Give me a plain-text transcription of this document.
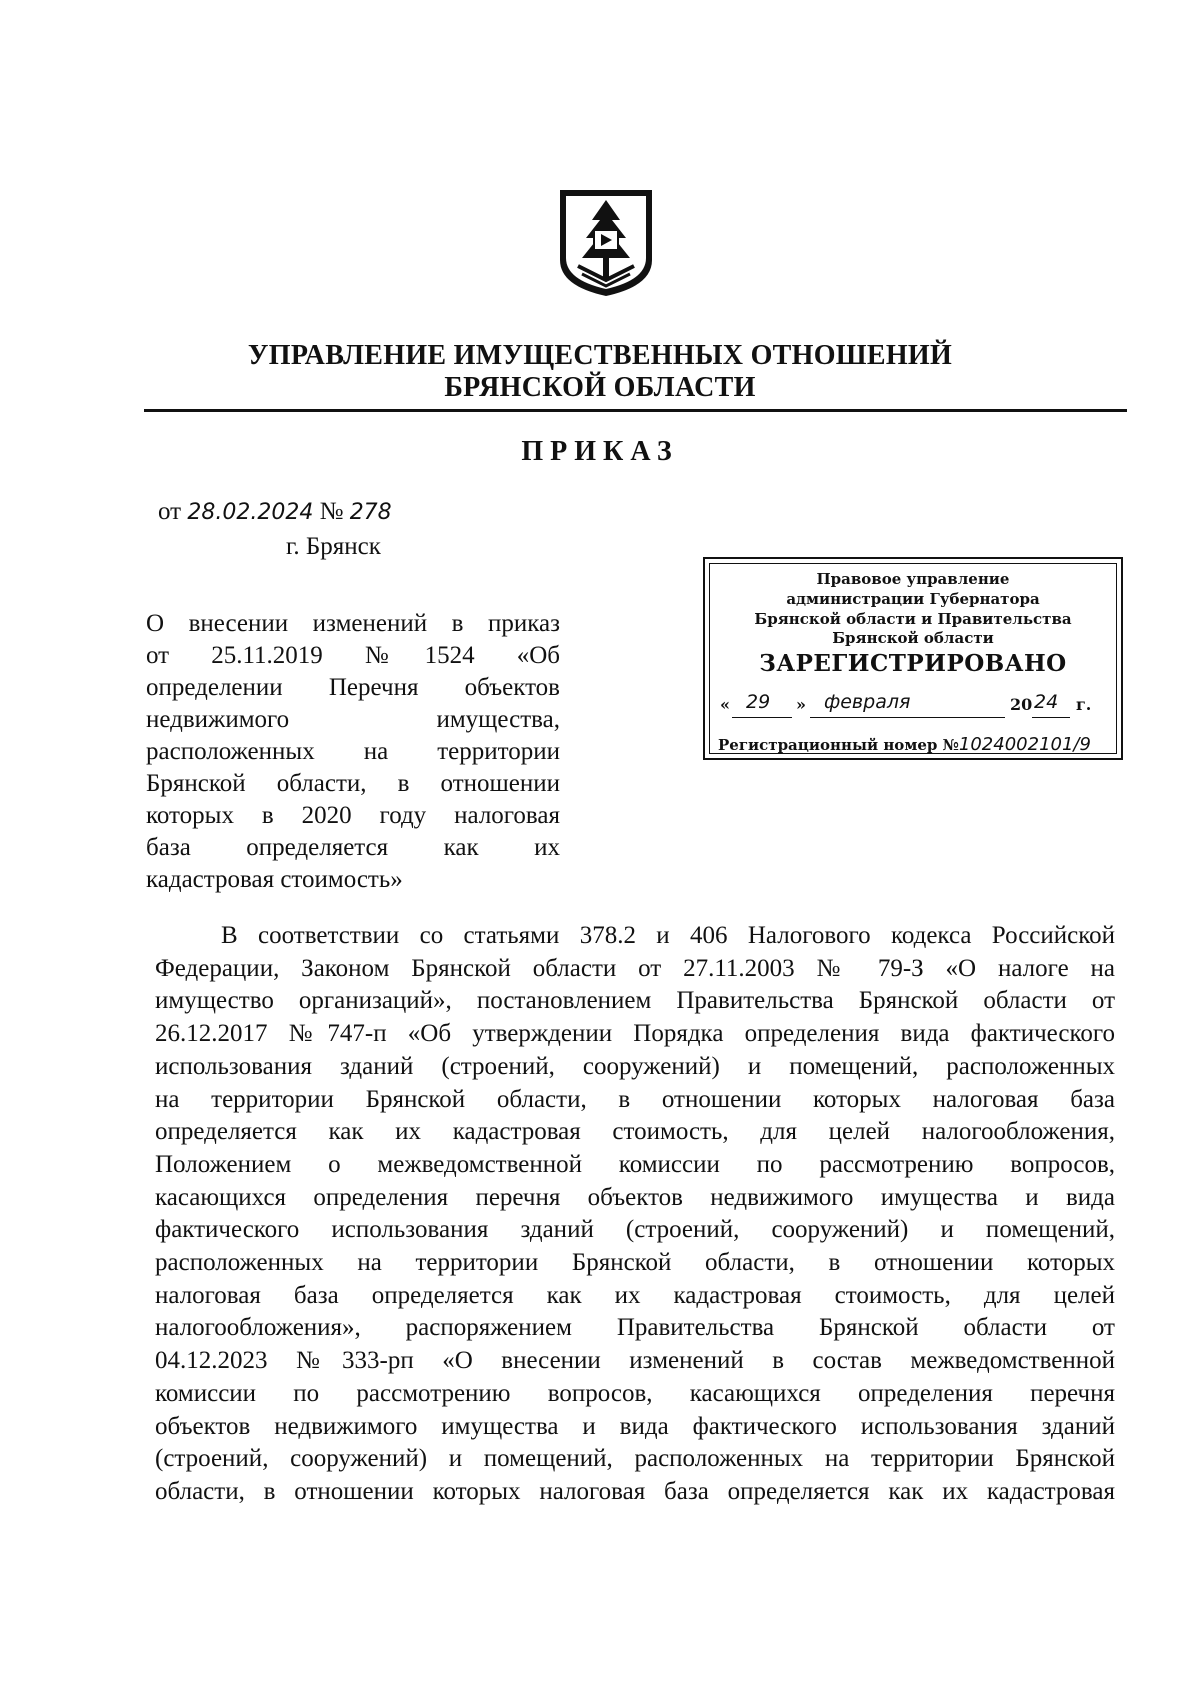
УПРАВЛЕНИЕ ИМУЩЕСТВЕННЫХ ОТНОШЕНИЙ
БРЯНСКОЙ ОБЛАСТИ
ПРИКАЗ
от 28.02.2024 № 278
г. Брянск
О внесении изменений в приказ
от 25.11.2019 №1524 «Об
определении Перечня объектов
недвижимого имущества,
расположенных на территории
Брянской области, в отношении
которых в 2020 году налоговая
база определяется как их
кадастровая стоимость»
Правовое управление
администрации Губернатора
Брянской области и Правительства
Брянской области
ЗАРЕГИСТРИРОВАНО
« 29 » февраля	20 24 г.
Регистрационный номер №1024002101/9
В соответствии со статьями 378.2 и 406 Налогового кодекса Российской
Федерации, Законом Брянской области от 27.11.2003 № 79-З «О налоге на
имущество организаций», постановлением Правительства Брянской области от
26.12.2017 №747-п «Об утверждении Порядка определения вида фактического
использования зданий (строений, сооружений) и помещений, расположенных
на территории Брянской области, в отношении которых налоговая база
определяется как их кадастровая стоимость, для целей налогообложения,
Положением о межведомственной комиссии по рассмотрению вопросов,
касающихся определения перечня объектов недвижимого имущества и вида
фактического использования зданий (строений, сооружений) и помещений,
расположенных на территории Брянской области, в отношении которых
налоговая база определяется как их кадастровая стоимость, для целей
налогообложения», распоряжением Правительства Брянской области от
04.12.2023 №333-рп «О внесении изменений в состав межведомственной
комиссии по рассмотрению вопросов, касающихся определения перечня
объектов недвижимого имущества и вида фактического использования зданий
(строений, сооружений) и помещений, расположенных на территории Брянской
области, в отношении которых налоговая база определяется как их кадастровая
